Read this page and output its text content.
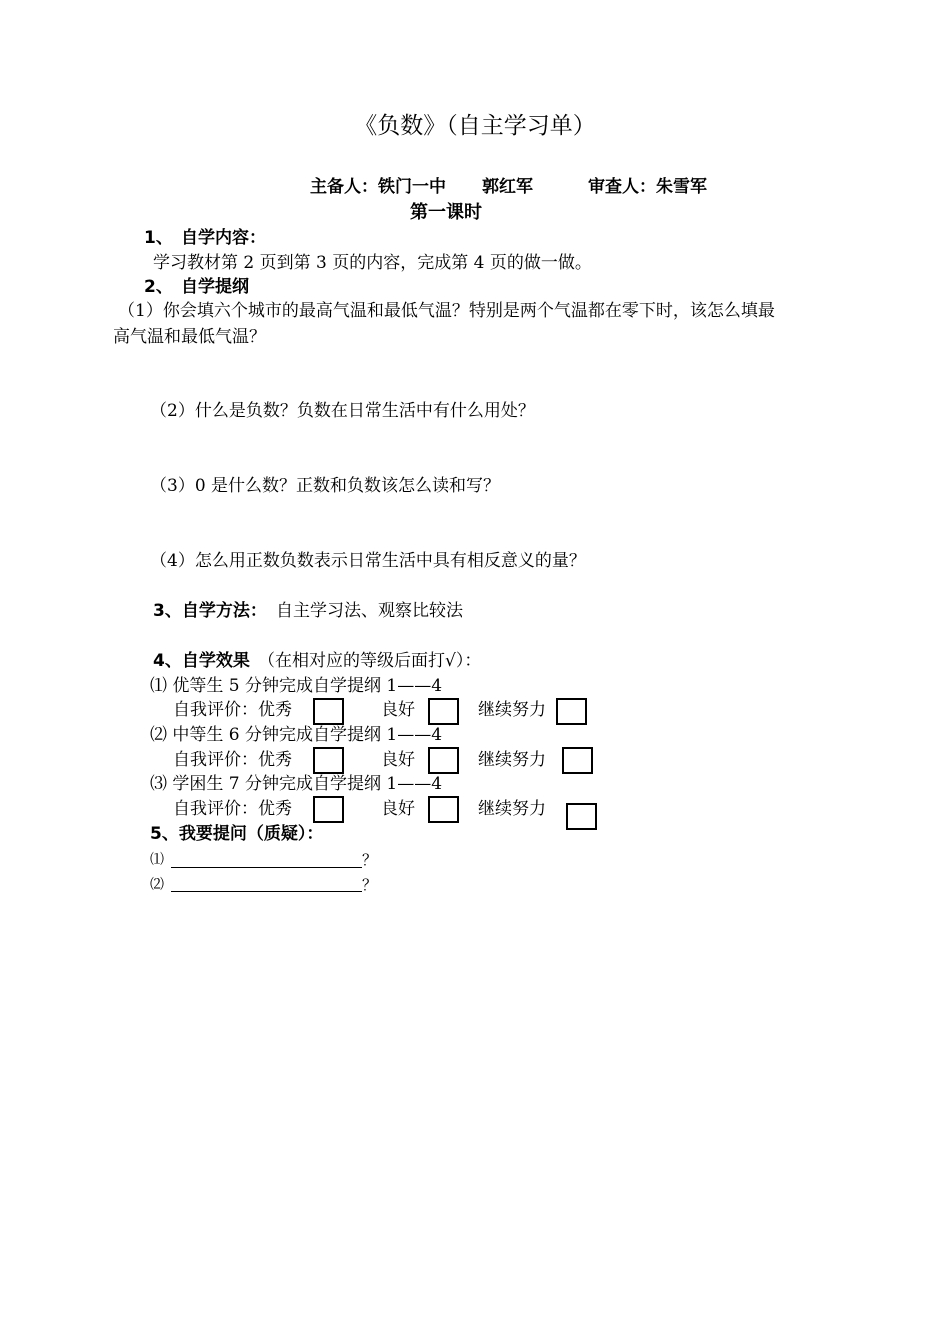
《负数》（自主学习单）
主备人：铁门一中 郭红军	审查人：朱雪军
第一课时
1、 自学内容：
学习教材第 2 页到第 3 页的内容，完成第 4 页的做一做。
2、 自学提纲
（1）你会填六个城市的最高气温和最低气温？特别是两个气温都在零下时，该怎么填最
高气温和最低气温？
（2）什么是负数？负数在日常生活中有什么用处？
（3）0 是什么数？正数和负数该怎么读和写？
（4）怎么用正数负数表示日常生活中具有相反意义的量？
3、自学方法： 自主学习法、观察比较法
4、自学效果 （在相对应的等级后面打√）：
⑴ 优等生 5 分钟完成自学提纲 1——4
自我评价：优秀	良好	继续努力
⑵ 中等生 6 分钟完成自学提纲 1——4
自我评价：优秀	良好	继续努力
⑶ 学困生 7 分钟完成自学提纲 1——4
自我评价：优秀	良好	继续努力
5、我要提问（质疑）：
⑴	？
⑵	？
